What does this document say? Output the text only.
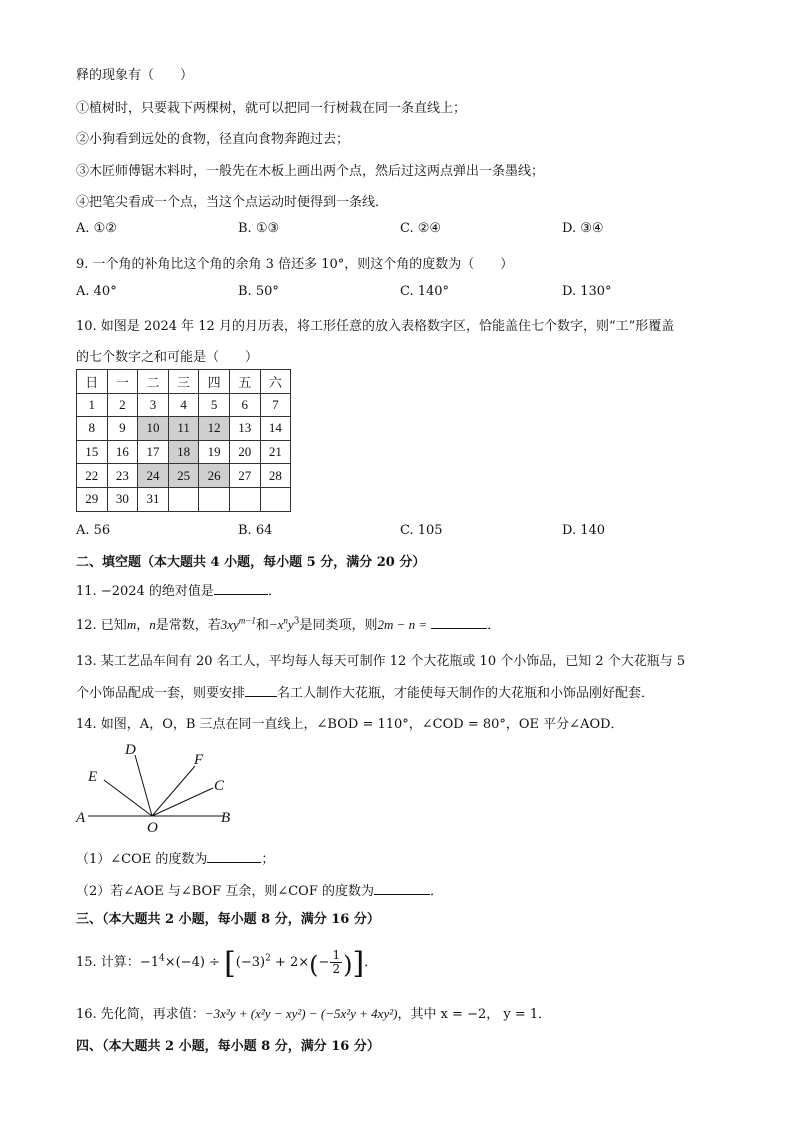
释的现象有（　　）
①植树时，只要栽下两棵树，就可以把同一行树栽在同一条直线上；
②小狗看到远处的食物，径直向食物奔跑过去；
③木匠师傅锯木料时，一般先在木板上画出两个点，然后过这两点弹出一条墨线；
④把笔尖看成一个点，当这个点运动时便得到一条线．
A. ①②	B. ①③	C. ②④	D. ③④
9. 一个角的补角比这个角的余角 3 倍还多 10°，则这个角的度数为（　　）
A. 40°	B. 50°	C. 140°	D. 130°
10. 如图是 2024 年 12 月的月历表，将工形任意的放入表格数字区，恰能盖住七个数字，则“工”形覆盖
的七个数字之和可能是（　　）
日	一	二	三	四	五	六
1	2	3	4	5	6	7
8	9	10	11	12	13	14
15	16	17	18	19	20	21
22	23	24	25	26	27	28
29	30	31				
A. 56	B. 64	C. 105	D. 140
二、填空题（本大题共 4 小题，每小题 5 分，满分 20 分）
11. −2024 的绝对值是	．
12. 已知m，n是常数，若$3xy^{m-1}$和$-x^ny^3$是同类项，则2m − n =	．
13. 某工艺品车间有 20 名工人，平均每人每天可制作 12 个大花瓶或 10 个小饰品，已知 2 个大花瓶与 5
个小饰品配成一套，则要安排 名工人制作大花瓶，才能使每天制作的大花瓶和小饰品刚好配套．
14. 如图，A，O，B 三点在同一直线上，∠BOD = 110°，∠COD = 80°，OE 平分∠AOD．
A	B
O
D
E
F
C
（1）∠COE 的度数为	；
（2）若∠AOE 与∠BOF 互余，则∠COF 的度数为	．
三、（本大题共 2 小题，每小题 8 分，满分 16 分）
15. 计算：$-1^4\times(-4) \div [(-3)^2 + 2\times(- \frac{1}{2}$ )]．
16. 先化简，再求值：−3x²y + (x²y − xy²) − (−5x²y + 4xy²)，其中 x = −2， y = 1．
四、（本大题共 2 小题，每小题 8 分，满分 16 分）
